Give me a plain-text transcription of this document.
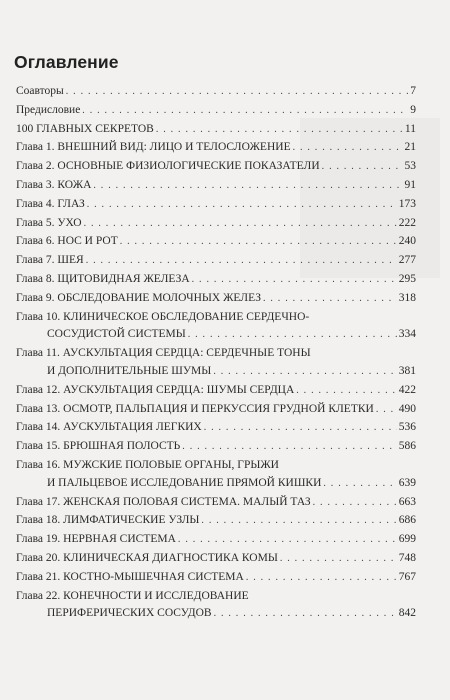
Оглавление
Соавторы . . .	7
Предисловие . . .	9
100 ГЛАВНЫХ СЕКРЕТОВ . . .	11
Глава 1. ВНЕШНИЙ ВИД: ЛИЦО И ТЕЛОСЛОЖЕНИЕ . . .	21
Глава 2. ОСНОВНЫЕ ФИЗИОЛОГИЧЕСКИЕ ПОКАЗАТЕЛИ . . .	53
Глава 3. КОЖА . . .	91
Глава 4. ГЛАЗ . . .	173
Глава 5. УХО . . .	222
Глава 6. НОС И РОТ . . .	240
Глава 7. ШЕЯ . . .	277
Глава 8. ЩИТОВИДНАЯ ЖЕЛЕЗА . . .	295
Глава 9. ОБСЛЕДОВАНИЕ МОЛОЧНЫХ ЖЕЛЕЗ . . .	318
Глава 10. КЛИНИЧЕСКОЕ ОБСЛЕДОВАНИЕ СЕРДЕЧНО-
СОСУДИСТОЙ СИСТЕМЫ . . .	334
Глава 11. АУСКУЛЬТАЦИЯ СЕРДЦА: СЕРДЕЧНЫЕ ТОНЫ
И ДОПОЛНИТЕЛЬНЫЕ ШУМЫ . . .	381
Глава 12. АУСКУЛЬТАЦИЯ СЕРДЦА: ШУМЫ СЕРДЦА . . .	422
Глава 13. ОСМОТР, ПАЛЬПАЦИЯ И ПЕРКУССИЯ ГРУДНОЙ КЛЕТКИ . . . 490
Глава 14. АУСКУЛЬТАЦИЯ ЛЕГКИХ . . .	536
Глава 15. БРЮШНАЯ ПОЛОСТЬ . . .	586
Глава 16. МУЖСКИЕ ПОЛОВЫЕ ОРГАНЫ, ГРЫЖИ
И ПАЛЬЦЕВОЕ ИССЛЕДОВАНИЕ ПРЯМОЙ КИШКИ . . .	639
Глава 17. ЖЕНСКАЯ ПОЛОВАЯ СИСТЕМА. МАЛЫЙ ТАЗ . . .	663
Глава 18. ЛИМФАТИЧЕСКИЕ УЗЛЫ . . .	686
Глава 19. НЕРВНАЯ СИСТЕМА . . .	699
Глава 20. КЛИНИЧЕСКАЯ ДИАГНОСТИКА КОМЫ . . .	748
Глава 21. КОСТНО-МЫШЕЧНАЯ СИСТЕМА . . .	767
Глава 22. КОНЕЧНОСТИ И ИССЛЕДОВАНИЕ
ПЕРИФЕРИЧЕСКИХ СОСУДОВ . . .	842
